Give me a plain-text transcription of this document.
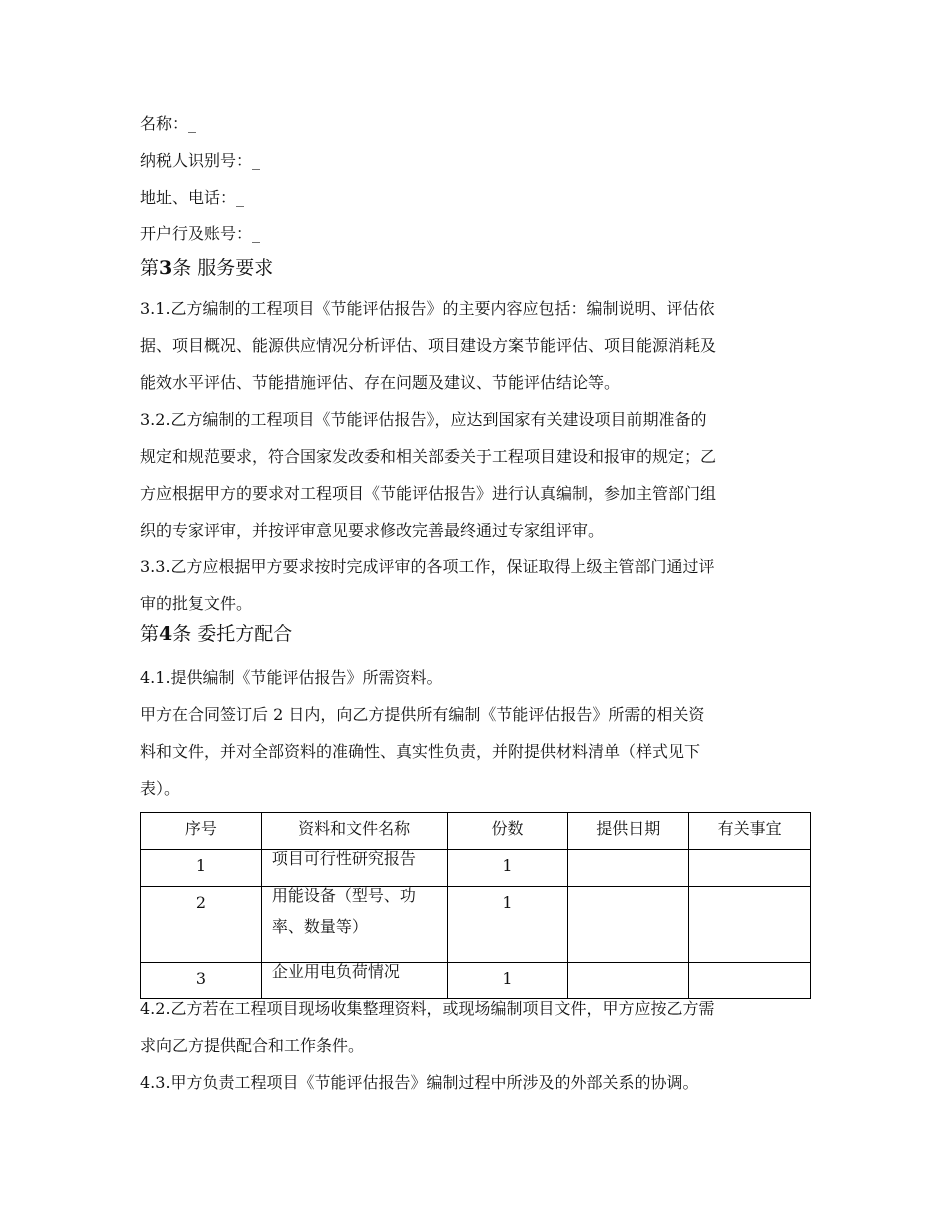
名称：_
纳税人识别号：_
地址、电话：_
开户行及账号：_
第3条 服务要求
3.1.乙方编制的工程项目《节能评估报告》的主要内容应包括：编制说明、评估依
据、项目概况、能源供应情况分析评估、项目建设方案节能评估、项目能源消耗及
能效水平评估、节能措施评估、存在问题及建议、节能评估结论等。
3.2.乙方编制的工程项目《节能评估报告》，应达到国家有关建设项目前期准备的
规定和规范要求，符合国家发改委和相关部委关于工程项目建设和报审的规定；乙
方应根据甲方的要求对工程项目《节能评估报告》进行认真编制，参加主管部门组
织的专家评审，并按评审意见要求修改完善最终通过专家组评审。
3.3.乙方应根据甲方要求按时完成评审的各项工作，保证取得上级主管部门通过评
审的批复文件。
第4条 委托方配合
4.1.提供编制《节能评估报告》所需资料。
甲方在合同签订后 2 日内，向乙方提供所有编制《节能评估报告》所需的相关资
料和文件，并对全部资料的准确性、真实性负责，并附提供材料清单（样式见下
表）。
序号	资料和文件名称	份数	提供日期	有关事宜
1	项目可行性研究报告	1		
2	用能设备（型号、功
率、数量等）	1		
3	企业用电负荷情况	1		
4.2.乙方若在工程项目现场收集整理资料，或现场编制项目文件，甲方应按乙方需
求向乙方提供配合和工作条件。
4.3.甲方负责工程项目《节能评估报告》编制过程中所涉及的外部关系的协调。
